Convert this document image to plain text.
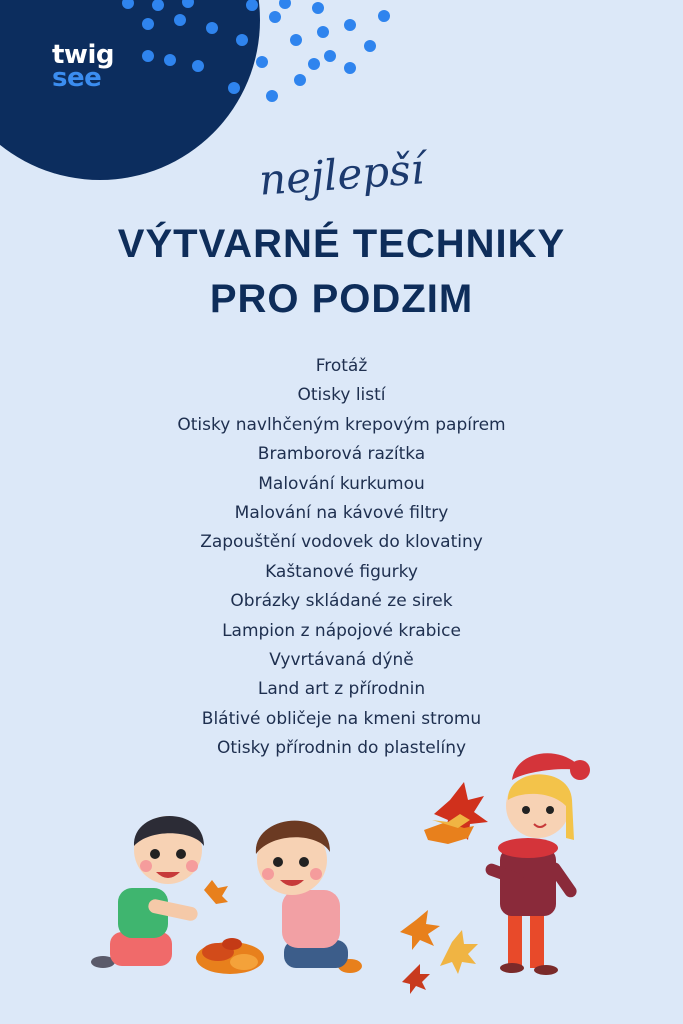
twig
see
nejlepší
VÝTVARNÉ TECHNIKY
PRO PODZIM
Frotáž
Otisky listí
Otisky navlhčeným krepovým papírem
Bramborová razítka
Malování kurkumou
Malování na kávové filtry
Zapouštění vodovek do klovatiny
Kaštanové figurky
Obrázky skládané ze sirek
Lampion z nápojové krabice
Vyvrtávaná dýně
Land art z přírodnin
Blátivé obličeje na kmeni stromu
Otisky přírodnin do plastelíny
